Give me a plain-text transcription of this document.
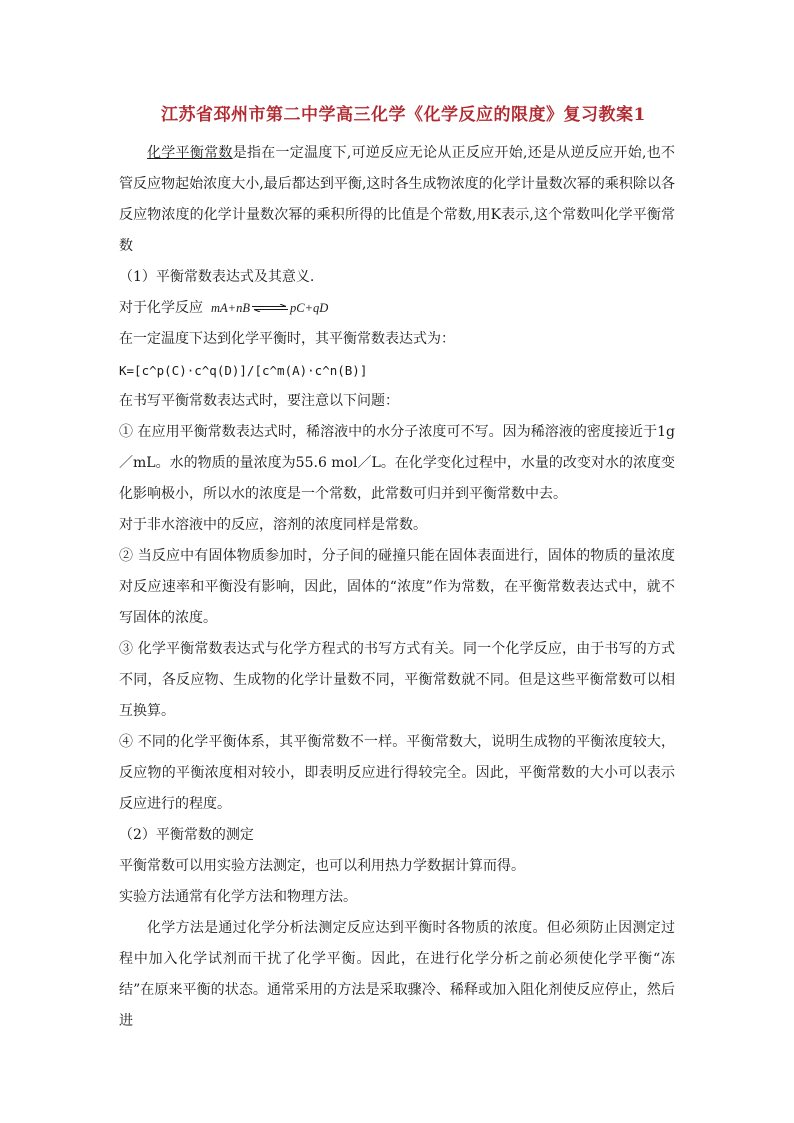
江苏省邳州市第二中学高三化学《化学反应的限度》复习教案1

化学平衡常数是指在一定温度下,可逆反应无论从正反应开始,还是从逆反应开始,也不管反应物起始浓度大小,最后都达到平衡,这时各生成物浓度的化学计量数次幂的乘积除以各反应物浓度的化学计量数次幂的乘积所得的比值是个常数,用K表示,这个常数叫化学平衡常数

（1）平衡常数表达式及其意义.

对于化学反应 mA+nB ⇌ pC+qD

在一定温度下达到化学平衡时，其平衡常数表达式为：

K=[c^p(C)·c^q(D)]/[c^m(A)·c^n(B)]

在书写平衡常数表达式时，要注意以下问题：

① 在应用平衡常数表达式时，稀溶液中的水分子浓度可不写。因为稀溶液的密度接近于1g／mL。水的物质的量浓度为55.6 mol／L。在化学变化过程中，水量的改变对水的浓度变化影响极小，所以水的浓度是一个常数，此常数可归并到平衡常数中去。

对于非水溶液中的反应，溶剂的浓度同样是常数。

② 当反应中有固体物质参加时，分子间的碰撞只能在固体表面进行，固体的物质的量浓度对反应速率和平衡没有影响，因此，固体的“浓度”作为常数，在平衡常数表达式中，就不写固体的浓度。

③ 化学平衡常数表达式与化学方程式的书写方式有关。同一个化学反应，由于书写的方式不同，各反应物、生成物的化学计量数不同，平衡常数就不同。但是这些平衡常数可以相互换算。

④ 不同的化学平衡体系，其平衡常数不一样。平衡常数大，说明生成物的平衡浓度较大，反应物的平衡浓度相对较小，即表明反应进行得较完全。因此，平衡常数的大小可以表示反应进行的程度。

（2）平衡常数的测定

平衡常数可以用实验方法测定，也可以利用热力学数据计算而得。

实验方法通常有化学方法和物理方法。

化学方法是通过化学分析法测定反应达到平衡时各物质的浓度。但必须防止因测定过程中加入化学试剂而干扰了化学平衡。因此，在进行化学分析之前必须使化学平衡“冻结”在原来平衡的状态。通常采用的方法是采取骤冷、稀释或加入阻化剂使反应停止，然后进
